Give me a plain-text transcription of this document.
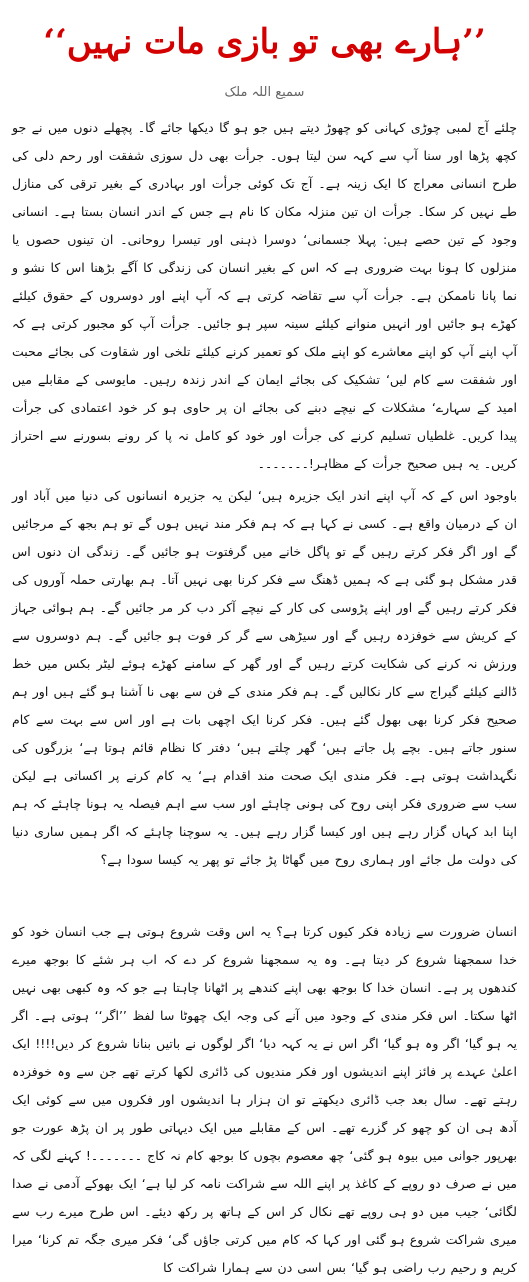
’’ہارے بھی تو بازی مات نہیں‘‘
سمیع اللہ ملک

چلئے آج لمبی چوڑی کہانی کو چھوڑ دیتے ہیں جو ہو گا دیکھا جائے گا۔ پچھلے دنوں میں نے جو کچھ پڑھا اور سنا آپ سے کہہ سن لیتا ہوں۔ جرأت بھی دل سوزی شفقت اور رحم دلی کی طرح انسانی معراج کا ایک زینہ ہے۔ آج تک کوئی جرأت اور بہادری کے بغیر ترقی کی منازل طے نہیں کر سکا۔ جرأت ان تین منزلہ مکان کا نام ہے جس کے اندر انسان بستا ہے۔ انسانی وجود کے تین حصے ہیں: پہلا جسمانی‘ دوسرا ذہنی اور تیسرا روحانی۔ ان تینوں حصوں یا منزلوں کا ہونا بہت ضروری ہے کہ اس کے بغیر انسان کی زندگی کا آگے بڑھنا اس کا نشو و نما پانا ناممکن ہے۔ جرأت آپ سے تقاضہ کرتی ہے کہ آپ اپنے اور دوسروں کے حقوق کیلئے کھڑے ہو جائیں اور انہیں منوانے کیلئے سینہ سپر ہو جائیں۔ جرأت آپ کو مجبور کرتی ہے کہ آپ اپنے آپ کو اپنے معاشرے کو اپنے ملک کو تعمیر کرنے کیلئے تلخی اور شقاوت کی بجائے محبت اور شفقت سے کام لیں‘ تشکیک کی بجائے ایمان کے اندر زندہ رہیں۔ مایوسی کے مقابلے میں امید کے سہارے‘ مشکلات کے نیچے دبنے کی بجائے ان پر حاوی ہو کر خود اعتمادی کی جرأت پیدا کریں۔ غلطیاں تسلیم کرنے کی جرأت اور خود کو کامل نہ پا کر رونے بسورنے سے احتراز کریں۔ یہ ہیں صحیح جرأت کے مظاہر!۔۔۔۔۔۔۔

باوجود اس کے کہ آپ اپنے اندر ایک جزیرہ ہیں‘ لیکن یہ جزیرہ انسانوں کی دنیا میں آباد اور ان کے درمیان واقع ہے۔ کسی نے کہا ہے کہ ہم فکر مند نہیں ہوں گے تو ہم بجھ کے مرجائیں گے اور اگر فکر کرتے رہیں گے تو پاگل خانے میں گرفتوت ہو جائیں گے۔ زندگی ان دنوں اس قدر مشکل ہو گئی ہے کہ ہمیں ڈھنگ سے فکر کرنا بھی نہیں آتا۔ ہم بھارتی حملہ آوروں کی فکر کرتے رہیں گے اور اپنے پڑوسی کی کار کے نیچے آکر دب کر مر جائیں گے۔ ہم ہوائی جہاز کے کریش سے خوفزدہ رہیں گے اور سیڑھی سے گر کر فوت ہو جائیں گے۔ ہم دوسروں سے ورزش نہ کرنے کی شکایت کرتے رہیں گے اور گھر کے سامنے کھڑے ہوئے لیٹر بکس میں خط ڈالنے کیلئے گیراج سے کار نکالیں گے۔ ہم فکر مندی کے فن سے بھی نا آشنا ہو گئے ہیں اور ہم صحیح فکر کرنا بھی بھول گئے ہیں۔ فکر کرنا ایک اچھی بات ہے اور اس سے بہت سے کام سنور جاتے ہیں۔ بچے پل جاتے ہیں‘ گھر چلتے ہیں‘ دفتر کا نظام قائم ہوتا ہے‘ بزرگوں کی نگہداشت ہوتی ہے۔ فکر مندی ایک صحت مند اقدام ہے‘ یہ کام کرنے پر اکساتی ہے لیکن سب سے ضروری فکر اپنی روح کی ہونی چاہئے اور سب سے اہم فیصلہ یہ ہونا چاہئے کہ ہم اپنا ابد کہاں گزار رہے ہیں اور کیسا گزار رہے ہیں۔ یہ سوچنا چاہئے کہ اگر ہمیں ساری دنیا کی دولت مل جائے اور ہماری روح میں گھاٹا پڑ جائے تو پھر یہ کیسا سودا ہے؟

انسان ضرورت سے زیادہ فکر کیوں کرتا ہے؟ یہ اس وقت شروع ہوتی ہے جب انسان خود کو خدا سمجھنا شروع کر دیتا ہے۔ وہ یہ سمجھنا شروع کر دے کہ اب ہر شئے کا بوجھ میرے کندھوں پر ہے۔ انسان خدا کا بوجھ بھی اپنے کندھے پر اٹھانا چاہتا ہے جو کہ وہ کبھی بھی نہیں اٹھا سکتا۔ اس فکر مندی کے وجود میں آنے کی وجہ ایک چھوٹا سا لفظ ’’اگر‘‘ ہوتی ہے۔ اگر یہ ہو گیا‘ اگر وہ ہو گیا‘ اگر اس نے یہ کہہ دیا‘ اگر لوگوں نے باتیں بنانا شروع کر دیں!!!! ایک اعلیٰ عہدے پر فائز اپنے اندیشوں اور فکر مندیوں کی ڈائری لکھا کرتے تھے جن سے وہ خوفزدہ رہتے تھے۔ سال بعد جب ڈائری دیکھتے تو ان ہزار ہا اندیشوں اور فکروں میں سے کوئی ایک آدھ ہی ان کو چھو کر گزرے تھے۔ اس کے مقابلے میں ایک دیہاتی طور پر ان پڑھ عورت جو بھرپور جوانی میں بیوہ ہو گئی‘ چھ معصوم بچوں کا بوجھ کام نہ کاج ۔۔۔۔۔۔۔! کہنے لگی کہ میں نے صرف دو روپے کے کاغذ پر اپنے اللہ سے شراکت نامہ کر لیا ہے‘ ایک بھوکے آدمی نے صدا لگائی‘ جیب میں دو ہی روپے تھے نکال کر اس کے ہاتھ پر رکھ دیئے۔ اس طرح میرے رب سے میری شراکت شروع ہو گئی اور کہا کہ کام میں کرتی جاؤں گی‘ فکر میری جگہ تم کرنا‘ میرا کریم و رحیم رب راضی ہو گیا‘ بس اسی دن سے ہمارا شراکت کا
